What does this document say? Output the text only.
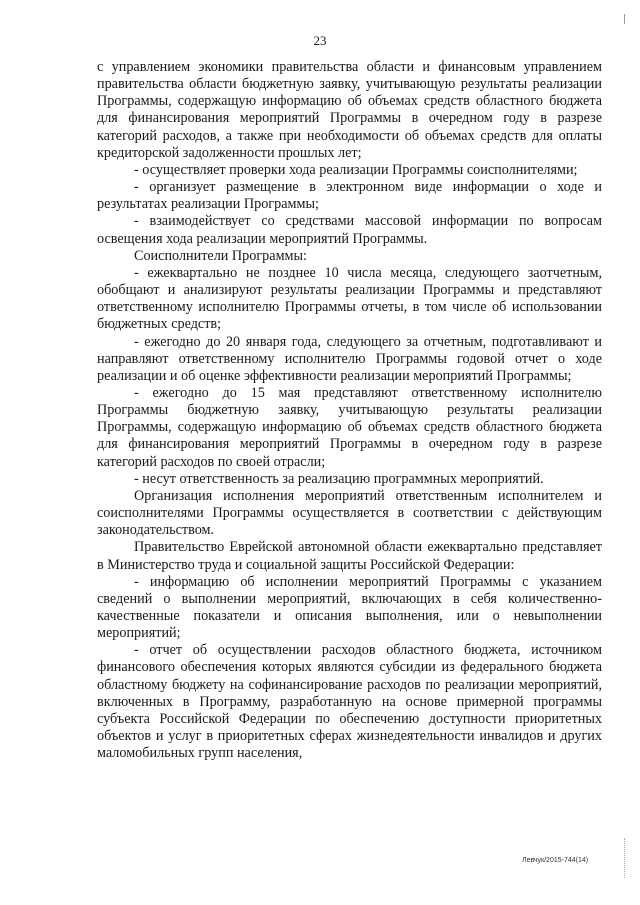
23

с управлением экономики правительства области и финансовым управлением правительства области бюджетную заявку, учитывающую результаты реализации Программы, содержащую информацию об объемах средств областного бюджета для финансирования мероприятий Программы в очередном году в разрезе категорий расходов, а также при необходимости об объемах средств для оплаты кредиторской задолженности прошлых лет;

- осуществляет проверки хода реализации Программы соисполнителями;

- организует размещение в электронном виде информации о ходе и результатах реализации Программы;

- взаимодействует со средствами массовой информации по вопросам освещения хода реализации мероприятий Программы.

Соисполнители Программы:

- ежеквартально не позднее 10 числа месяца, следующего заотчетным, обобщают и анализируют результаты реализации Программы и представляют ответственному исполнителю Программы отчеты, в том числе об использовании бюджетных средств;

- ежегодно до 20 января года, следующего за отчетным, подготавливают и направляют ответственному исполнителю Программы годовой отчет о ходе реализации и об оценке эффективности реализации мероприятий Программы;

- ежегодно до 15 мая представляют ответственному исполнителю Программы бюджетную заявку, учитывающую результаты реализации Программы, содержащую информацию об объемах средств областного бюджета для финансирования мероприятий Программы в очередном году в разрезе категорий расходов по своей отрасли;

- несут ответственность за реализацию программных мероприятий.

Организация исполнения мероприятий ответственным исполнителем и соисполнителями Программы осуществляется в соответствии с действующим законодательством.

Правительство Еврейской автономной области ежеквартально представляет в Министерство труда и социальной защиты Российской Федерации:

- информацию об исполнении мероприятий Программы с указанием сведений о выполнении мероприятий, включающих в себя количественно-качественные показатели и описания выполнения, или о невыполнении мероприятий;

- отчет об осуществлении расходов областного бюджета, источником финансового обеспечения которых являются субсидии из федерального бюджета областному бюджету на софинансирование расходов по реализации мероприятий, включенных в Программу, разработанную на основе примерной программы субъекта Российской Федерации по обеспечению доступности приоритетных объектов и услуг в приоритетных сферах жизнедеятельности инвалидов и других маломобильных групп населения,

Левчук/2015-744(14)
